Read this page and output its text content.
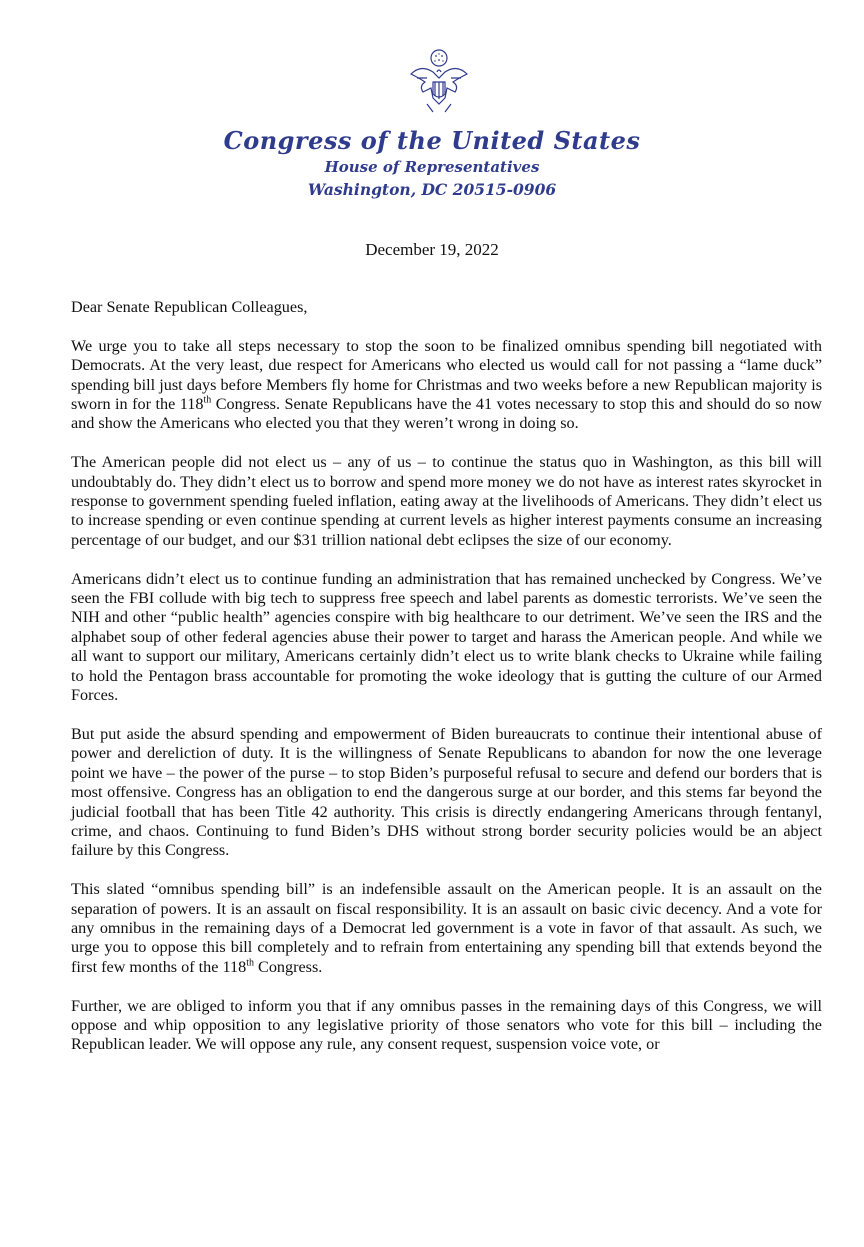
Congress of the United States
House of Representatives
Washington, DC 20515-0906
December 19, 2022

Dear Senate Republican Colleagues,

We urge you to take all steps necessary to stop the soon to be finalized omnibus spending bill negotiated with Democrats. At the very least, due respect for Americans who elected us would call for not passing a “lame duck” spending bill just days before Members fly home for Christmas and two weeks before a new Republican majority is sworn in for the 118th Congress. Senate Republicans have the 41 votes necessary to stop this and should do so now and show the Americans who elected you that they weren’t wrong in doing so.

The American people did not elect us – any of us – to continue the status quo in Washington, as this bill will undoubtably do. They didn’t elect us to borrow and spend more money we do not have as interest rates skyrocket in response to government spending fueled inflation, eating away at the livelihoods of Americans. They didn’t elect us to increase spending or even continue spending at current levels as higher interest payments consume an increasing percentage of our budget, and our $31 trillion national debt eclipses the size of our economy.

Americans didn’t elect us to continue funding an administration that has remained unchecked by Congress. We’ve seen the FBI collude with big tech to suppress free speech and label parents as domestic terrorists. We’ve seen the NIH and other “public health” agencies conspire with big healthcare to our detriment. We’ve seen the IRS and the alphabet soup of other federal agencies abuse their power to target and harass the American people. And while we all want to support our military, Americans certainly didn’t elect us to write blank checks to Ukraine while failing to hold the Pentagon brass accountable for promoting the woke ideology that is gutting the culture of our Armed Forces.

But put aside the absurd spending and empowerment of Biden bureaucrats to continue their intentional abuse of power and dereliction of duty. It is the willingness of Senate Republicans to abandon for now the one leverage point we have – the power of the purse – to stop Biden’s purposeful refusal to secure and defend our borders that is most offensive. Congress has an obligation to end the dangerous surge at our border, and this stems far beyond the judicial football that has been Title 42 authority. This crisis is directly endangering Americans through fentanyl, crime, and chaos. Continuing to fund Biden’s DHS without strong border security policies would be an abject failure by this Congress.

This slated “omnibus spending bill” is an indefensible assault on the American people. It is an assault on the separation of powers. It is an assault on fiscal responsibility. It is an assault on basic civic decency. And a vote for any omnibus in the remaining days of a Democrat led government is a vote in favor of that assault. As such, we urge you to oppose this bill completely and to refrain from entertaining any spending bill that extends beyond the first few months of the 118th Congress.

Further, we are obliged to inform you that if any omnibus passes in the remaining days of this Congress, we will oppose and whip opposition to any legislative priority of those senators who vote for this bill – including the Republican leader. We will oppose any rule, any consent request, suspension voice vote, or
